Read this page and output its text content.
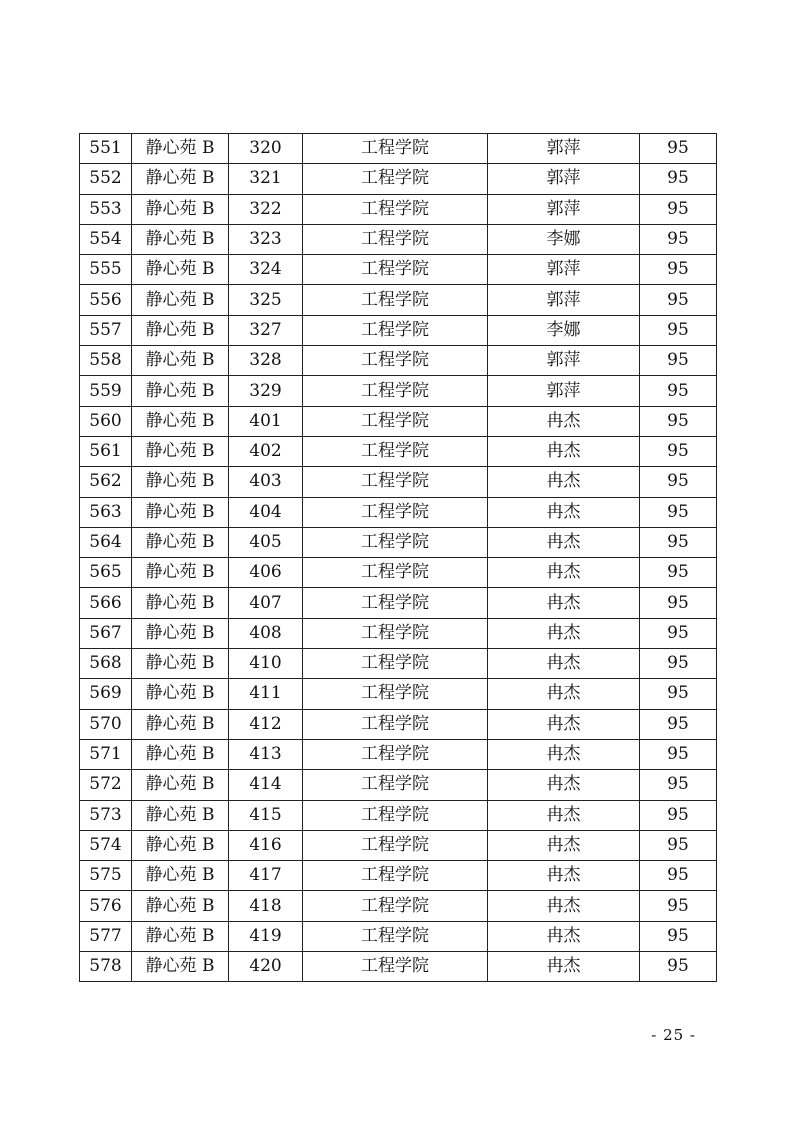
551	静心苑 B	320	工程学院	郭萍	95
552	静心苑 B	321	工程学院	郭萍	95
553	静心苑 B	322	工程学院	郭萍	95
554	静心苑 B	323	工程学院	李娜	95
555	静心苑 B	324	工程学院	郭萍	95
556	静心苑 B	325	工程学院	郭萍	95
557	静心苑 B	327	工程学院	李娜	95
558	静心苑 B	328	工程学院	郭萍	95
559	静心苑 B	329	工程学院	郭萍	95
560	静心苑 B	401	工程学院	冉杰	95
561	静心苑 B	402	工程学院	冉杰	95
562	静心苑 B	403	工程学院	冉杰	95
563	静心苑 B	404	工程学院	冉杰	95
564	静心苑 B	405	工程学院	冉杰	95
565	静心苑 B	406	工程学院	冉杰	95
566	静心苑 B	407	工程学院	冉杰	95
567	静心苑 B	408	工程学院	冉杰	95
568	静心苑 B	410	工程学院	冉杰	95
569	静心苑 B	411	工程学院	冉杰	95
570	静心苑 B	412	工程学院	冉杰	95
571	静心苑 B	413	工程学院	冉杰	95
572	静心苑 B	414	工程学院	冉杰	95
573	静心苑 B	415	工程学院	冉杰	95
574	静心苑 B	416	工程学院	冉杰	95
575	静心苑 B	417	工程学院	冉杰	95
576	静心苑 B	418	工程学院	冉杰	95
577	静心苑 B	419	工程学院	冉杰	95
578	静心苑 B	420	工程学院	冉杰	95
- 25 -
